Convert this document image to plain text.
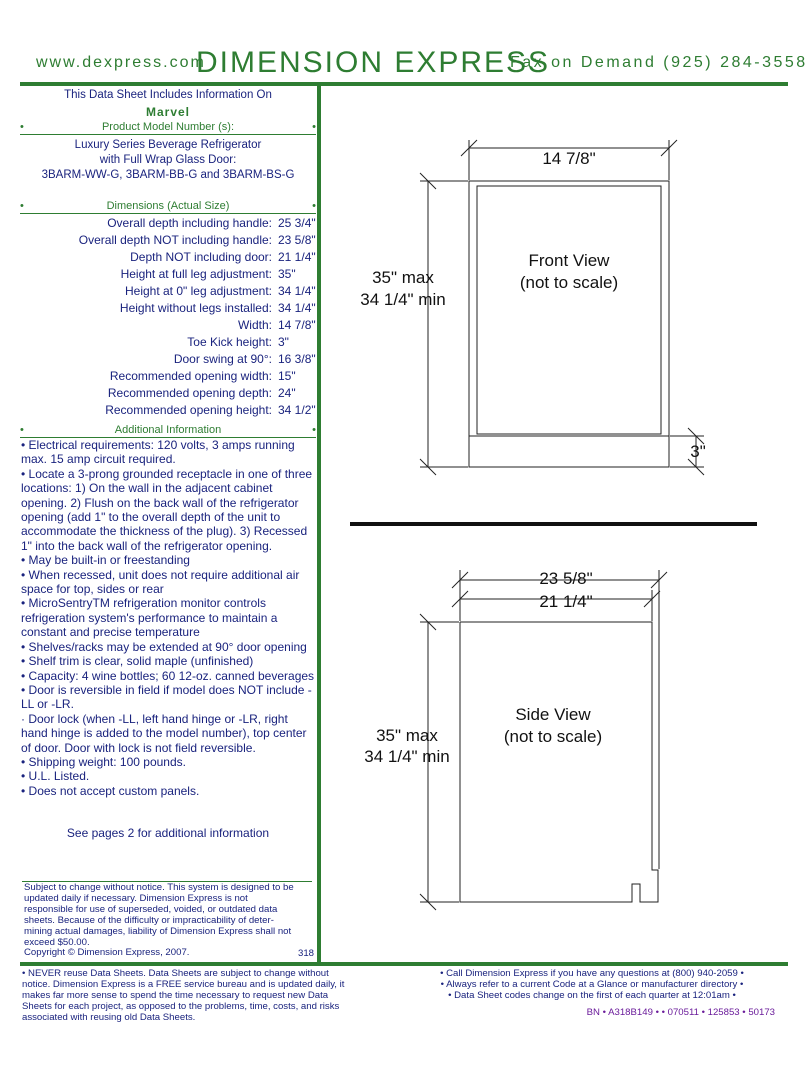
www.dexpress.com
DIMENSION EXPRESS
Fax on Demand (925) 284-3558
This Data Sheet Includes Information On
Marvel
•	Product Model Number (s):	•
Luxury Series Beverage Refrigerator
with Full Wrap Glass Door:
3BARM-WW-G, 3BARM-BB-G and 3BARM-BS-G
•	Dimensions (Actual Size)	•
Overall depth including handle: 25 3/4"
Overall depth NOT including handle: 23 5/8"
Depth NOT including door: 21 1/4"
Height at full leg adjustment: 35"
Height at 0" leg adjustment: 34 1/4"
Height without legs installed: 34 1/4"
Width: 14 7/8"
Toe Kick height: 3"
Door swing at 90°: 16 3/8"
Recommended opening width: 15"
Recommended opening depth: 24"
Recommended opening height: 34 1/2"
•	Additional Information	•
• Electrical requirements: 120 volts, 3 amps running max. 15 amp circuit required.
• Locate a 3-prong grounded receptacle in one of three locations: 1) On the wall in the adjacent cabinet opening. 2) Flush on the back wall of the refrigerator opening (add 1" to the overall depth of the unit to accommodate the thickness of the plug). 3) Recessed 1" into the back wall of the refrigerator opening.
• May be built-in or freestanding
• When recessed, unit does not require additional air space for top, sides or rear
• MicroSentryTM refrigeration monitor controls refrigeration system's performance to maintain a constant and precise temperature
• Shelves/racks may be extended at 90° door opening
• Shelf trim is clear, solid maple (unfinished)
• Capacity: 4 wine bottles; 60 12-oz. canned beverages
• Door is reversible in field if model does NOT include -LL or -LR.
· Door lock (when -LL, left hand hinge or -LR, right hand hinge is added to the model number), top center of door. Door with lock is not field reversible.
• Shipping weight: 100 pounds.
• U.L. Listed.
• Does not accept custom panels.
See pages 2 for additional information
Subject to change without notice. This system is designed to be updated daily if necessary. Dimension Express is not responsible for use of superseded, voided, or outdated data sheets. Because of the difficulty or impracticability of deter-mining actual damages, liability of Dimension Express shall not exceed $50.00.
Copyright © Dimension Express, 2007.	318
• NEVER reuse Data Sheets. Data Sheets are subject to change without notice. Dimension Express is a FREE service bureau and is updated daily, it makes far more sense to spend the time necessary to request new Data Sheets for each project, as opposed to the problems, time, costs, and risks associated with reusing old Data Sheets.
• Call Dimension Express if you have any questions at (800) 940-2059 •
• Always refer to a current Code at a Glance or manufacturer directory •
• Data Sheet codes change on the first of each quarter at 12:01am •
BN • A318B149 • • 070511 • 125853 • 50173
14 7/8"
Front View
(not to scale)
35" max
34 1/4" min
3"
23 5/8"
21 1/4"
Side View
(not to scale)
35" max
34 1/4" min
